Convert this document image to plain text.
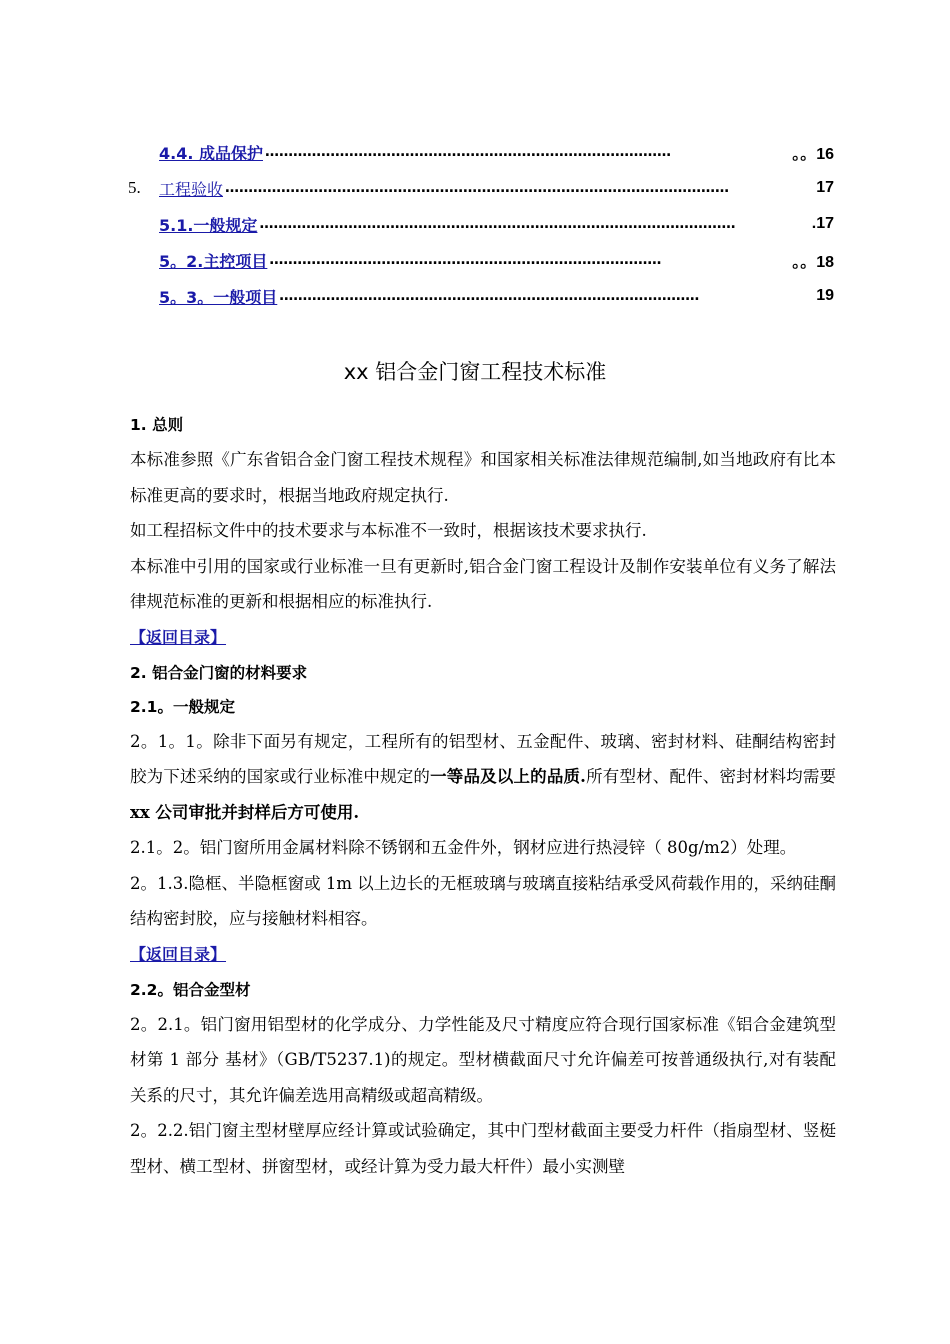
4.4. 成品保护 ……………………………………………………………………………	。。16
5.	工程验收 ………………………………………………………………………………………………	17
5.1.一般规定 …………………………………………………………………………………………	.17
5。2.主控项目 …………………………………………………………………………	。。18
5。3。一般项目 ………………………………………………………………………………	19
xx 铝合金门窗工程技术标准
1. 总则
本标准参照《广东省铝合金门窗工程技术规程》和国家相关标准法律规范编制,如当地政府有比本标准更高的要求时，根据当地政府规定执行.
如工程招标文件中的技术要求与本标准不一致时，根据该技术要求执行.
本标准中引用的国家或行业标准一旦有更新时,铝合金门窗工程设计及制作安装单位有义务了解法律规范标准的更新和根据相应的标准执行.
【返回目录】
2. 铝合金门窗的材料要求
2.1。一般规定
2。1。1。除非下面另有规定，工程所有的铝型材、五金配件、玻璃、密封材料、硅酮结构密封胶为下述采纳的国家或行业标准中规定的一等品及以上的品质.所有型材、配件、密封材料均需要xx 公司审批并封样后方可使用.
2.1。2。铝门窗所用金属材料除不锈钢和五金件外，钢材应进行热浸锌（ 80g/m2）处理。
2。1.3.隐框、半隐框窗或 1m 以上边长的无框玻璃与玻璃直接粘结承受风荷载作用的，采纳硅酮结构密封胶，应与接触材料相容。
【返回目录】
2.2。铝合金型材
2。2.1。铝门窗用铝型材的化学成分、力学性能及尺寸精度应符合现行国家标准《铝合金建筑型材第 1 部分 基材》（GB/T5237.1)的规定。型材横截面尺寸允许偏差可按普通级执行,对有装配关系的尺寸，其允许偏差选用高精级或超高精级。
2。2.2.铝门窗主型材壁厚应经计算或试验确定，其中门型材截面主要受力杆件（指扇型材、竖梃型材、横工型材、拼窗型材，或经计算为受力最大杆件）最小实测壁
